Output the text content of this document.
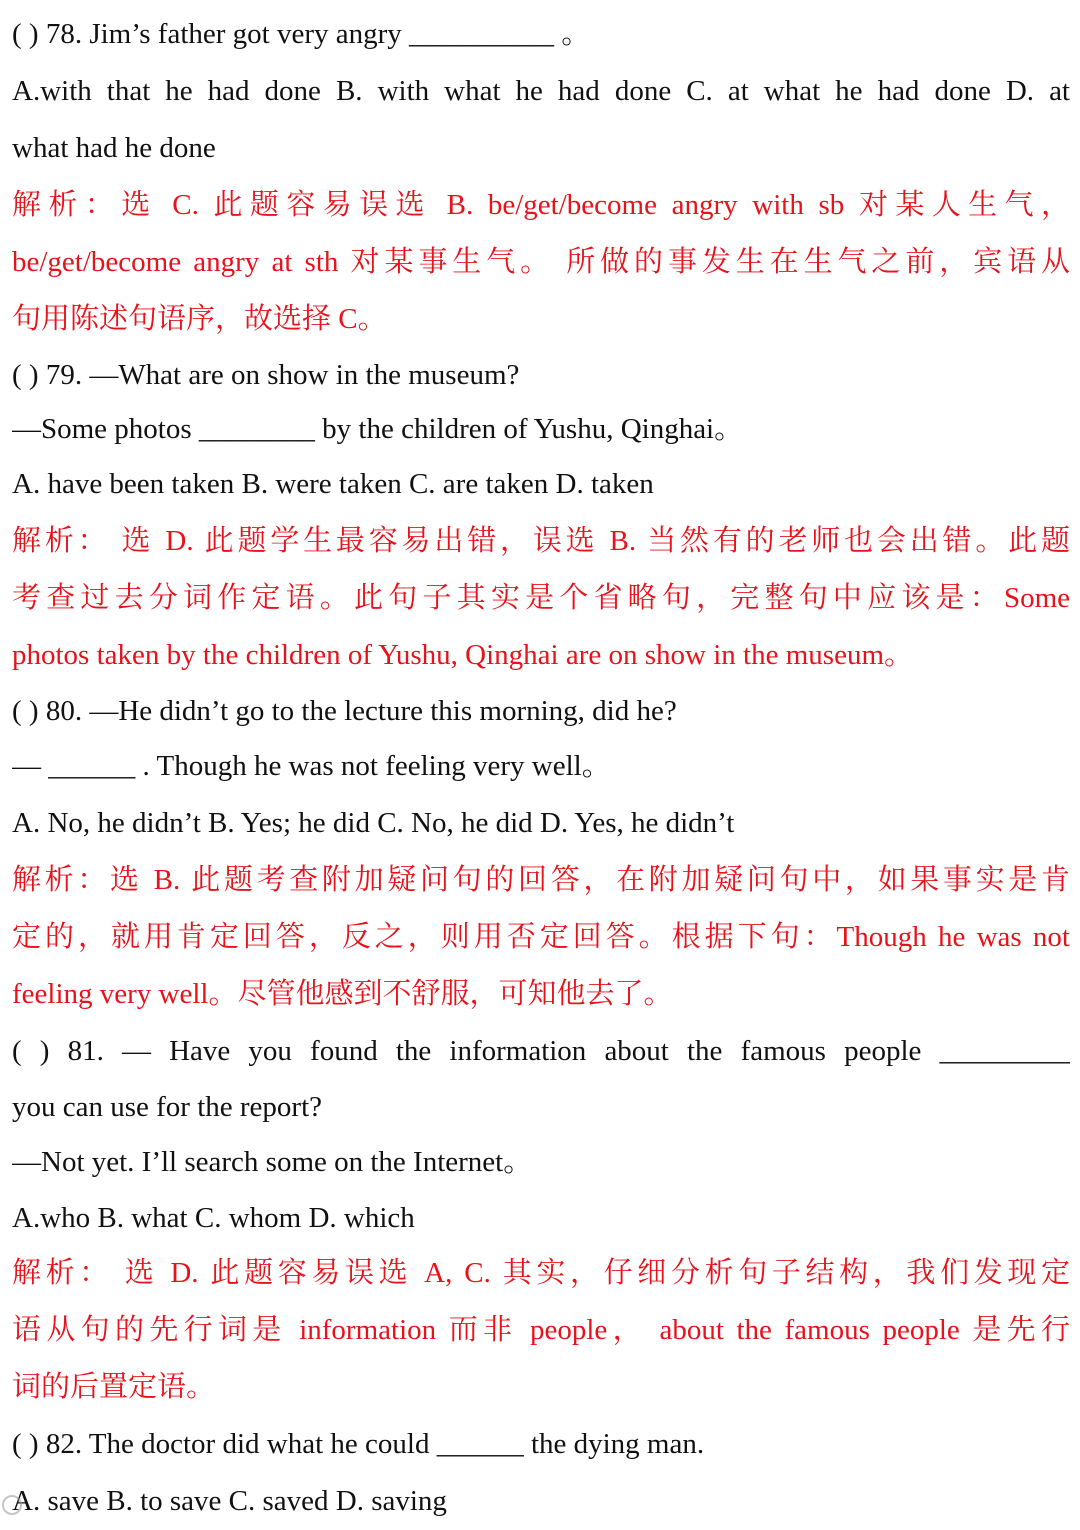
( ) 78. Jim’s father got very angry __________ 。
A.with that he had done B. with what he had done C. at what he had done D. at
what had he done
解析：选 C. 此题容易误选 B. be/get/become angry with sb 对某人生气，
be/get/become angry at sth 对某事生气。 所做的事发生在生气之前，宾语从
句用陈述句语序，故选择 C。
( ) 79. —What are on show in the museum?
—Some photos ________ by the children of Yushu, Qinghai。
A. have been taken B. were taken C. are taken D. taken
解析： 选 D. 此题学生最容易出错，误选 B. 当然有的老师也会出错。此题
考查过去分词作定语。此句子其实是个省略句，完整句中应该是：Some
photos taken by the children of Yushu, Qinghai are on show in the museum。
( ) 80. —He didn’t go to the lecture this morning, did he?
— ______ . Though he was not feeling very well。
A. No, he didn’t B. Yes; he did C. No, he did D. Yes, he didn’t
解析：选 B. 此题考查附加疑问句的回答，在附加疑问句中，如果事实是肯
定的，就用肯定回答，反之，则用否定回答。根据下句：Though he was not
feeling very well。尽管他感到不舒服，可知他去了。
( ) 81. — Have you found the information about the famous people _________
you can use for the report?
—Not yet. I’ll search some on the Internet。
A.who B. what C. whom D. which
解析： 选 D. 此题容易误选 A, C. 其实，仔细分析句子结构，我们发现定
语从句的先行词是 information 而非 people， about the famous people 是先行
词的后置定语。
( ) 82. The doctor did what he could ______ the dying man.
A. save B. to save C. saved D. saving
